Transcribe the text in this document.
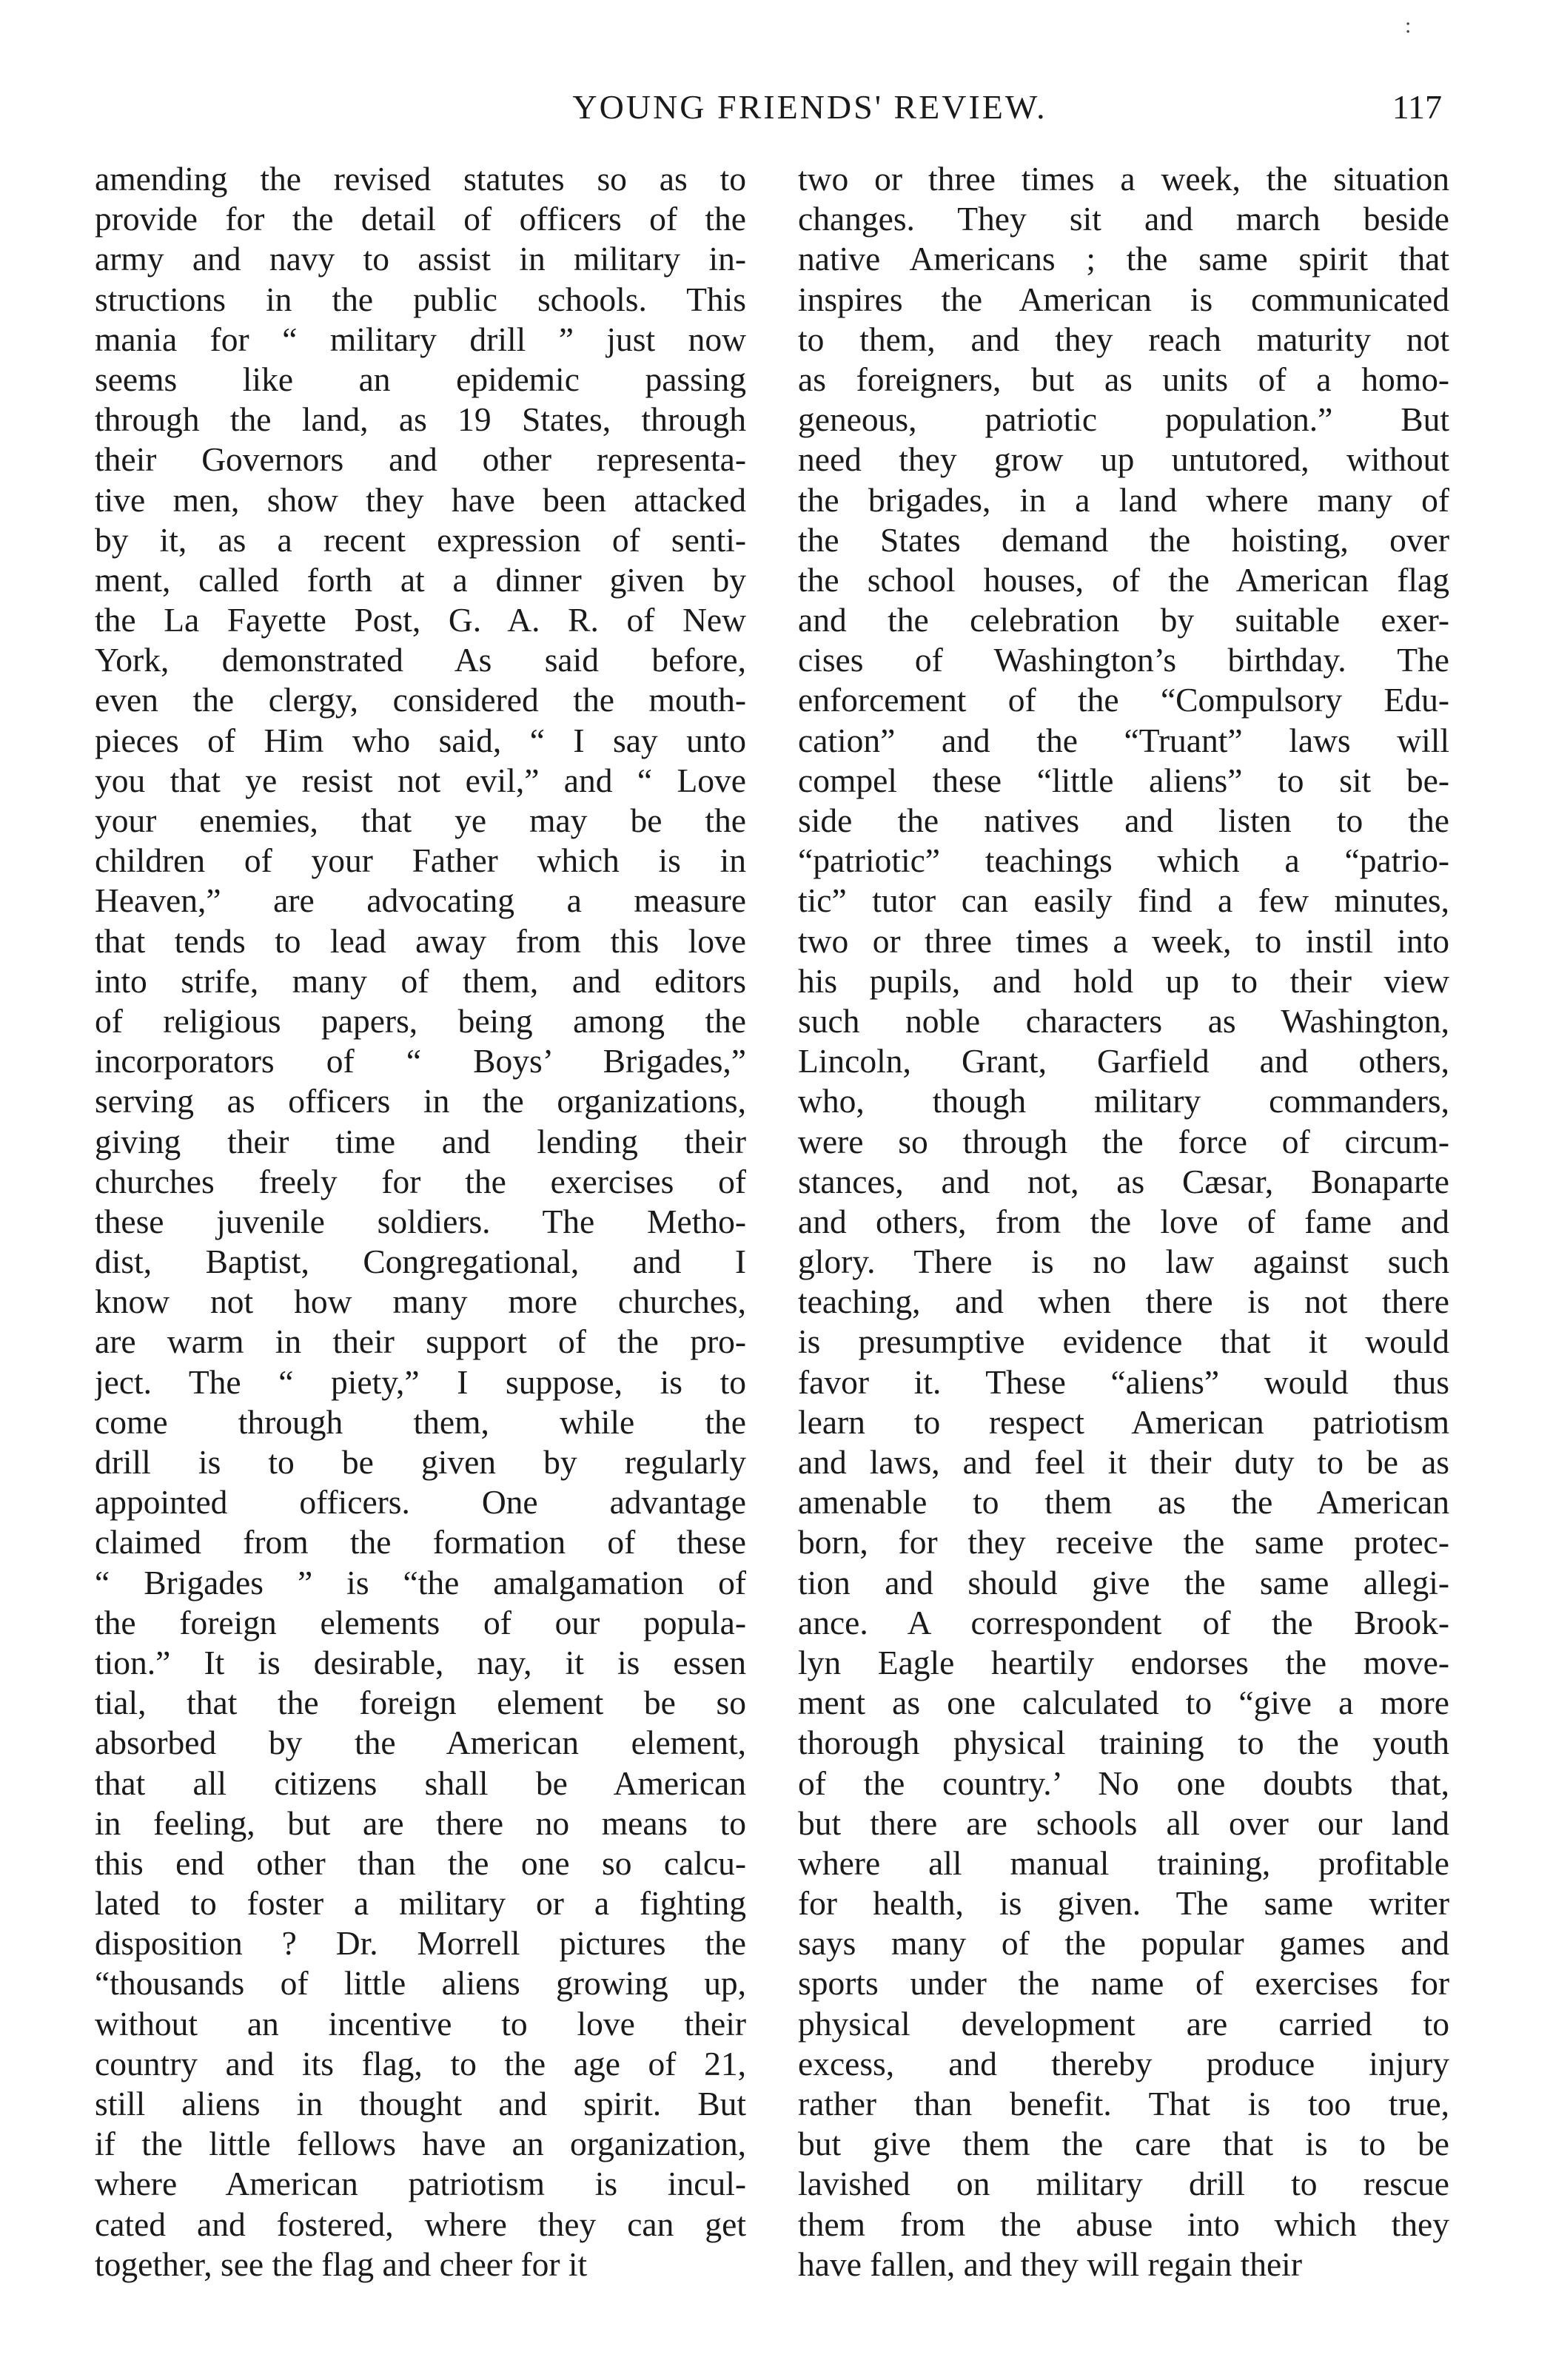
YOUNG FRIENDS' REVIEW.	117
:
amending the revised statutes so as to
provide for the detail of officers of the
army and navy to assist in military in-
structions in the public schools. This
mania for “ military drill ” just now
seems like an epidemic passing
through the land, as 19 States, through
their Governors and other representa-
tive men, show they have been attacked
by it, as a recent expression of senti-
ment, called forth at a dinner given by
the La Fayette Post, G. A. R. of New
York, demonstrated As said before,
even the clergy, considered the mouth-
pieces of Him who said, “ I say unto
you that ye resist not evil,” and “ Love
your enemies, that ye may be the
children of your Father which is in
Heaven,” are advocating a measure
that tends to lead away from this love
into strife, many of them, and editors
of religious papers, being among the
incorporators of “ Boys’ Brigades,”
serving as officers in the organizations,
giving their time and lending their
churches freely for the exercises of
these juvenile soldiers. The Metho-
dist, Baptist, Congregational, and I
know not how many more churches,
are warm in their support of the pro-
ject. The “ piety,” I suppose, is to
come through them, while the
drill is to be given by regularly
appointed officers. One advantage
claimed from the formation of these
“ Brigades ” is “the amalgamation of
the foreign elements of our popula-
tion.” It is desirable, nay, it is essen
tial, that the foreign element be so
absorbed by the American element,
that all citizens shall be American
in feeling, but are there no means to
this end other than the one so calcu-
lated to foster a military or a fighting
disposition ? Dr. Morrell pictures the
“thousands of little aliens growing up,
without an incentive to love their
country and its flag, to the age of 21,
still aliens in thought and spirit. But
if the little fellows have an organization,
where American patriotism is incul-
cated and fostered, where they can get
together, see the flag and cheer for it
two or three times a week, the situation
changes. They sit and march beside
native Americans ; the same spirit that
inspires the American is communicated
to them, and they reach maturity not
as foreigners, but as units of a homo-
geneous, patriotic population.” But
need they grow up untutored, without
the brigades, in a land where many of
the States demand the hoisting, over
the school houses, of the American flag
and the celebration by suitable exer-
cises of Washington’s birthday. The
enforcement of the “Compulsory Edu-
cation” and the “Truant” laws will
compel these “little aliens” to sit be-
side the natives and listen to the
“patriotic” teachings which a “patrio-
tic” tutor can easily find a few minutes,
two or three times a week, to instil into
his pupils, and hold up to their view
such noble characters as Washington,
Lincoln, Grant, Garfield and others,
who, though military commanders,
were so through the force of circum-
stances, and not, as Cæsar, Bonaparte
and others, from the love of fame and
glory. There is no law against such
teaching, and when there is not there
is presumptive evidence that it would
favor it. These “aliens” would thus
learn to respect American patriotism
and laws, and feel it their duty to be as
amenable to them as the American
born, for they receive the same protec-
tion and should give the same allegi-
ance. A correspondent of the Brook-
lyn Eagle heartily endorses the move-
ment as one calculated to “give a more
thorough physical training to the youth
of the country.’ No one doubts that,
but there are schools all over our land
where all manual training, profitable
for health, is given. The same writer
says many of the popular games and
sports under the name of exercises for
physical development are carried to
excess, and thereby produce injury
rather than benefit. That is too true,
but give them the care that is to be
lavished on military drill to rescue
them from the abuse into which they
have fallen, and they will regain their
